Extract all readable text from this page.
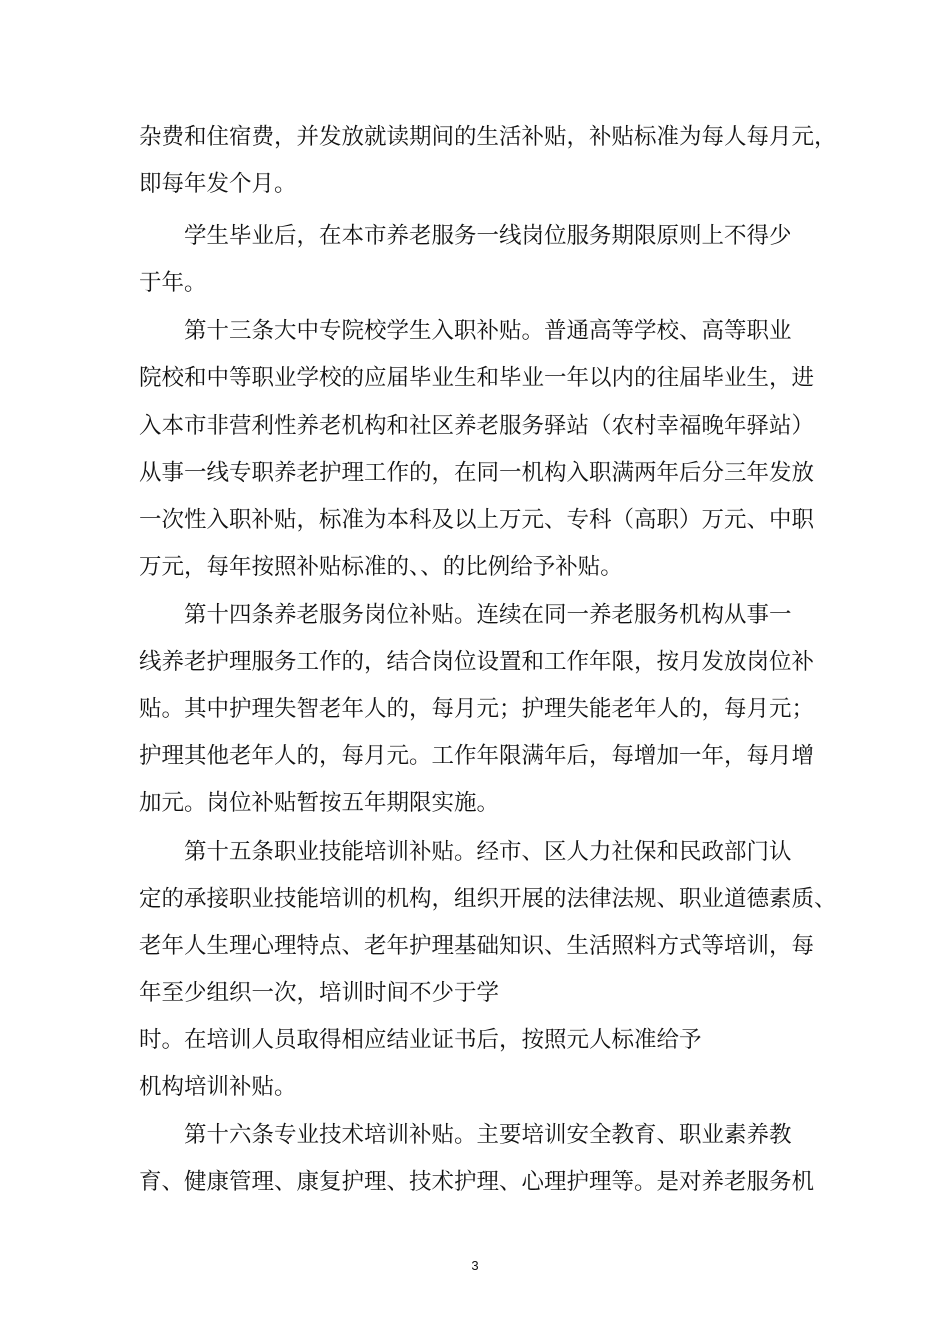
杂费和住宿费，并发放就读期间的生活补贴，补贴标准为每人每月元，

即每年发个月。

　　学生毕业后，在本市养老服务一线岗位服务期限原则上不得少

于年。

　　第十三条大中专院校学生入职补贴。普通高等学校、高等职业

院校和中等职业学校的应届毕业生和毕业一年以内的往届毕业生，进

入本市非营利性养老机构和社区养老服务驿站（农村幸福晚年驿站）

从事一线专职养老护理工作的，在同一机构入职满两年后分三年发放

一次性入职补贴，标准为本科及以上万元、专科（高职）万元、中职

万元，每年按照补贴标准的、、的比例给予补贴。

　　第十四条养老服务岗位补贴。连续在同一养老服务机构从事一

线养老护理服务工作的，结合岗位设置和工作年限，按月发放岗位补

贴。其中护理失智老年人的，每月元；护理失能老年人的，每月元；

护理其他老年人的，每月元。工作年限满年后，每增加一年，每月增

加元。岗位补贴暂按五年期限实施。

　　第十五条职业技能培训补贴。经市、区人力社保和民政部门认

定的承接职业技能培训的机构，组织开展的法律法规、职业道德素质、

老年人生理心理特点、老年护理基础知识、生活照料方式等培训，每

年至少组织一次，培训时间不少于学

时。在培训人员取得相应结业证书后，按照元人标准给予

机构培训补贴。

　　第十六条专业技术培训补贴。主要培训安全教育、职业素养教

育、健康管理、康复护理、技术护理、心理护理等。是对养老服务机

3
